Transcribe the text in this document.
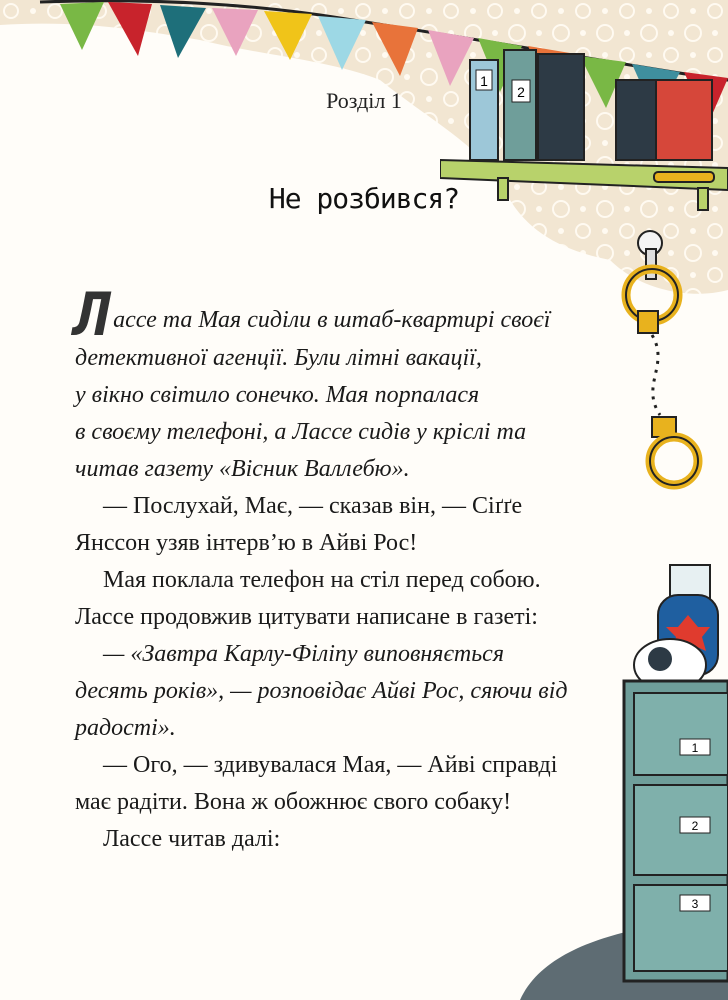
1
2
1
2
3
Розділ 1
Не розбився?
Лассе та Мая сиділи в штаб-квартирі своєї
детективної агенції. Були літні вакації,
у вікно світило сонечко. Мая порпалася
в своєму телефоні, а Лассе сидів у кріслі та
читав газету «Вісник Валлебю».
— Послухай, Має, — сказав він, — Сіґґе
Янссон узяв інтерв’ю в Айві Рос!
Мая поклала телефон на стіл перед собою.
Лассе продовжив цитувати написане в газеті:
— «Завтра Карлу-Філіпу виповняється
десять років», — розповідає Айві Рос, сяючи від
радості».
— Ого, — здивувалася Мая, — Айві справді
має радіти. Вона ж обожнює свого собаку!
Лассе читав далі:
